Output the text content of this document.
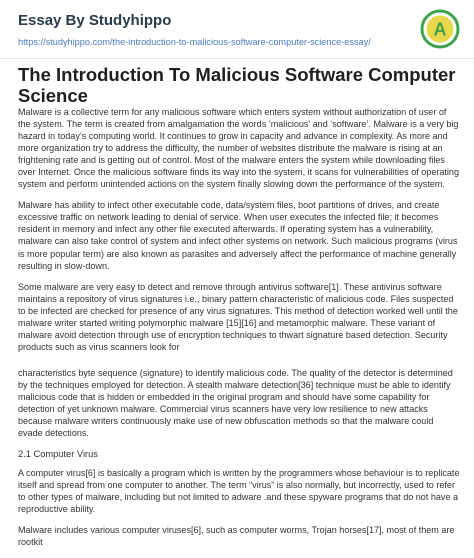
Essay By Studyhippo
https://studyhippo.com/the-introduction-to-malicious-software-computer-science-essay/
A
The Introduction To Malicious Software Computer Science

Malware is a collective term for any malicious software which enters system without authorization of user of the system. The term is created from amalgamation the words ‘malicious’ and ‘software’. Malware is a very big hazard in today’s computing world. It continues to grow in capacity and advance in complexity. As more and more organization try to address the difficulty, the number of websites distribute the malware is rising at an frightening rate and is getting out of control. Most of the malware enters the system while downloading files over Internet. Once the malicious software finds its way into the system, it scans for vulnerabilities of operating system and perform unintended actions on the system finally slowing down the performance of the system.

Malware has ability to infect other executable code, data/system files, boot partitions of drives, and create excessive traffic on network leading to denial of service. When user executes the infected file; it becomes resident in memory and infect any other file executed afterwards. If operating system has a vulnerability, malware can also take control of system and infect other systems on network. Such malicious programs (virus is more popular term) are also known as parasites and adversely affect the performance of machine generally resulting in slow-down.

Some malware are very easy to detect and remove through antivirus software[1]. These antivirus software maintains a repository of virus signatures i.e., binary pattern characteristic of malicious code. Files suspected to be infected are checked for presence of any virus signatures. This method of detection worked well until the malware writer started writing polymorphic malware [15][16] and metamorphic malware. These variant of malware avoid detection through use of encryption techniques to thwart signature based detection. Security products such as virus scanners look for

characteristics byte sequence (signature) to identify malicious code. The quality of the detector is determined by the techniques employed for detection. A stealth malware detection[36] technique must be able to identify malicious code that is hidden or embedded in the original program and should have some capability for detection of yet unknown malware. Commercial virus scanners have very low resilience to new attacks because malware writers continuously make use of new obfuscation methods so that the malware could evade detections.

2.1 Computer Virus

A computer virus[6] is basically a program which is written by the programmers whose behaviour is to replicate itself and spread from one computer to another. The term “virus” is also normally, but incorrectly, used to refer to other types of malware, including but not limited to adware .and these spyware programs that do not have a reproductive ability.

Malware includes various computer viruses[6], such as computer worms, Trojan horses[17], most of them are rootkit
